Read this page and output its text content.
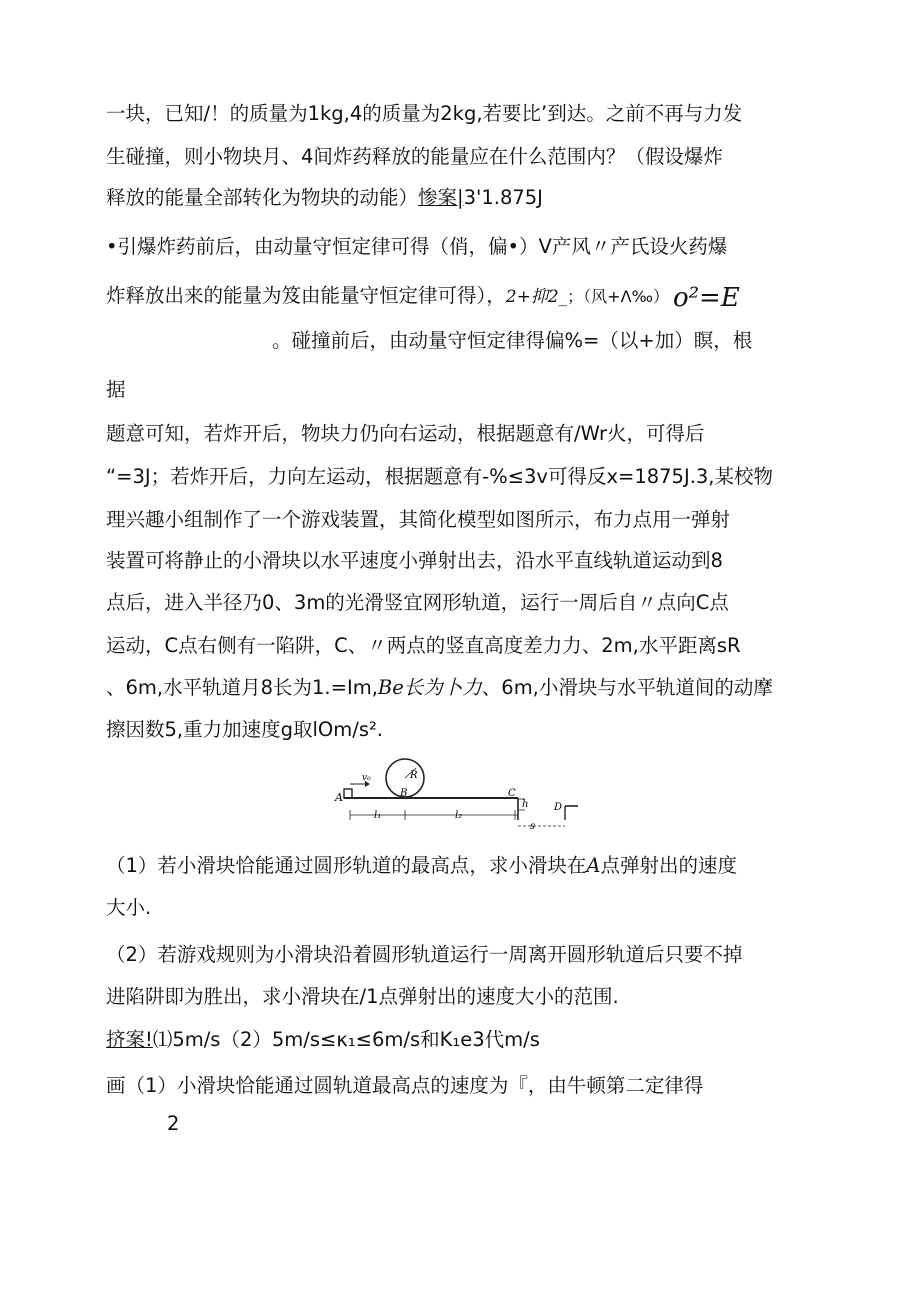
一块，已知/！的质量为1kg,4的质量为2kg,若要比’到达。之前不再与力发
生碰撞，则小物块月、4间炸药释放的能量应在什么范围内？（假设爆炸
释放的能量全部转化为物块的动能）惨案|3'1.875J
•引爆炸药前后，由动量守恒定律可得（俏，偏•）V产风〃产氏设火药爆
炸释放出来的能量为笈由能量守恒定律可得），2+抑2_；（风+Λ‰） o²=E
。碰撞前后，由动量守恒定律得偏%=（以+加）瞑，根
据
题意可知，若炸开后，物块力仍向右运动，根据题意有/Wr火，可得后
“=3J；若炸开后，力向左运动，根据题意有-%≤3v可得反x=1875J.3,某校物
理兴趣小组制作了一个游戏装置，其简化模型如图所示，布力点用一弹射
装置可将静止的小滑块以水平速度小弹射出去，沿水平直线轨道运动到8
点后，进入半径乃0、3m的光滑竖宜网形轨道，运行一周后自〃点向C点
运动，C点右侧有一陷阱，C、〃两点的竖直高度差力力、2m,水平距离sR
、6m,水平轨道月8长为1.=Im,Be长为卜力、6m,小滑块与水平轨道间的动摩
擦因数5,重力加速度g取lOm∕s².
A
v₀	R
B
l₁	l₂
C
h	D
s
（1）若小滑块恰能通过圆形轨道的最高点，求小滑块在A点弹射出的速度
大小.
（2）若游戏规则为小滑块沿着圆形轨道运行一周离开圆形轨道后只要不掉
进陷阱即为胜出，求小滑块在/1点弹射出的速度大小的范围.
挤案!⑴5m/s（2）5m∕s≤κ₁≤6m/s和K₁e3代m/s
画（1）小滑块恰能通过圆轨道最高点的速度为『，由牛顿第二定律得
2
